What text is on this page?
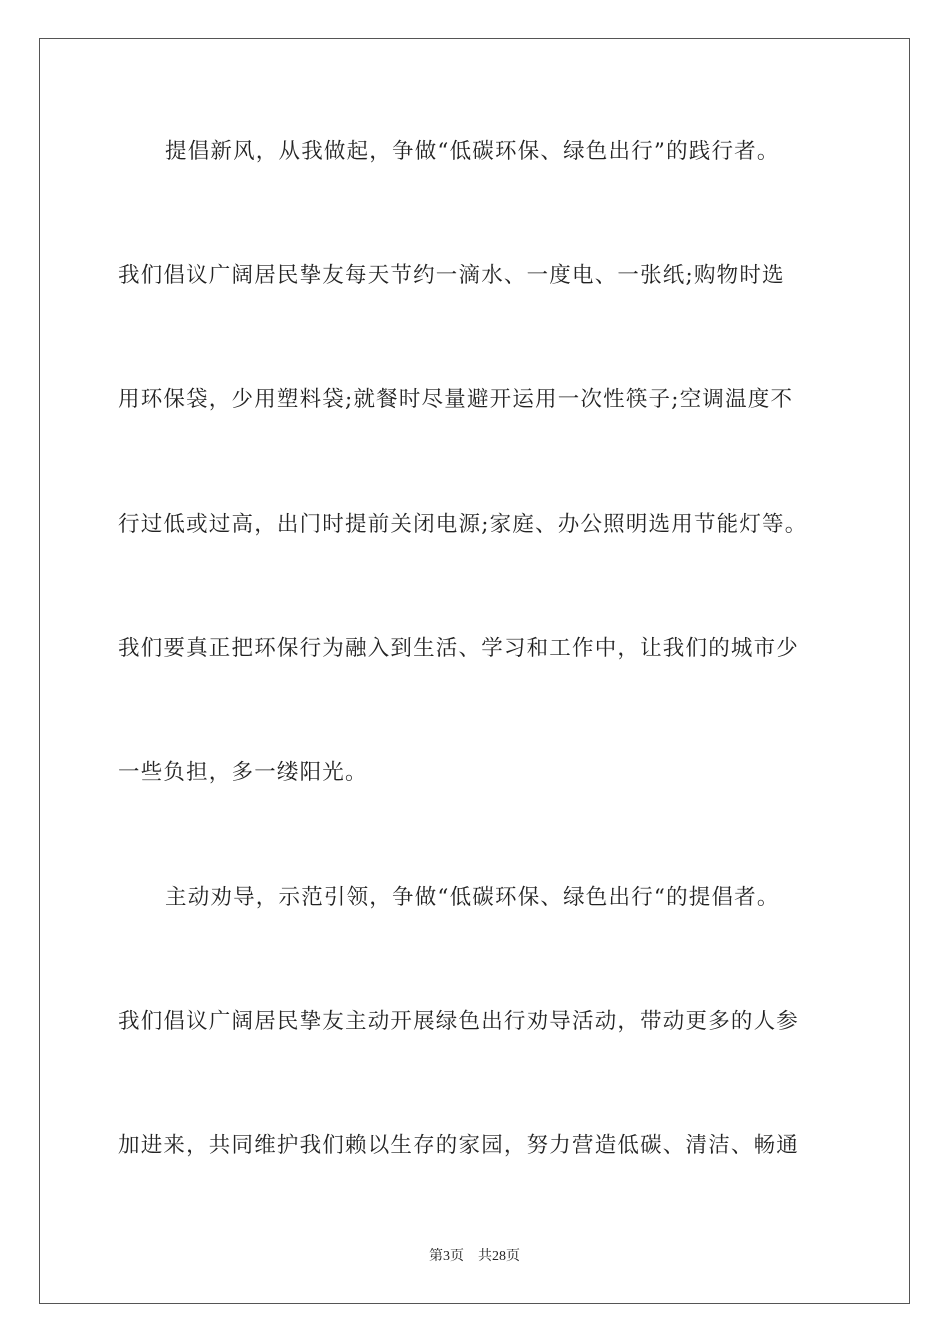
提倡新风，从我做起，争做“低碳环保、绿色出行”的践行者。
我们倡议广阔居民挚友每天节约一滴水、一度电、一张纸;购物时选
用环保袋，少用塑料袋;就餐时尽量避开运用一次性筷子;空调温度不
行过低或过高，出门时提前关闭电源;家庭、办公照明选用节能灯等。
我们要真正把环保行为融入到生活、学习和工作中，让我们的城市少
一些负担，多一缕阳光。
主动劝导，示范引领，争做“低碳环保、绿色出行“的提倡者。
我们倡议广阔居民挚友主动开展绿色出行劝导活动，带动更多的人参
加进来，共同维护我们赖以生存的家园，努力营造低碳、清洁、畅通
第3页 共28页
